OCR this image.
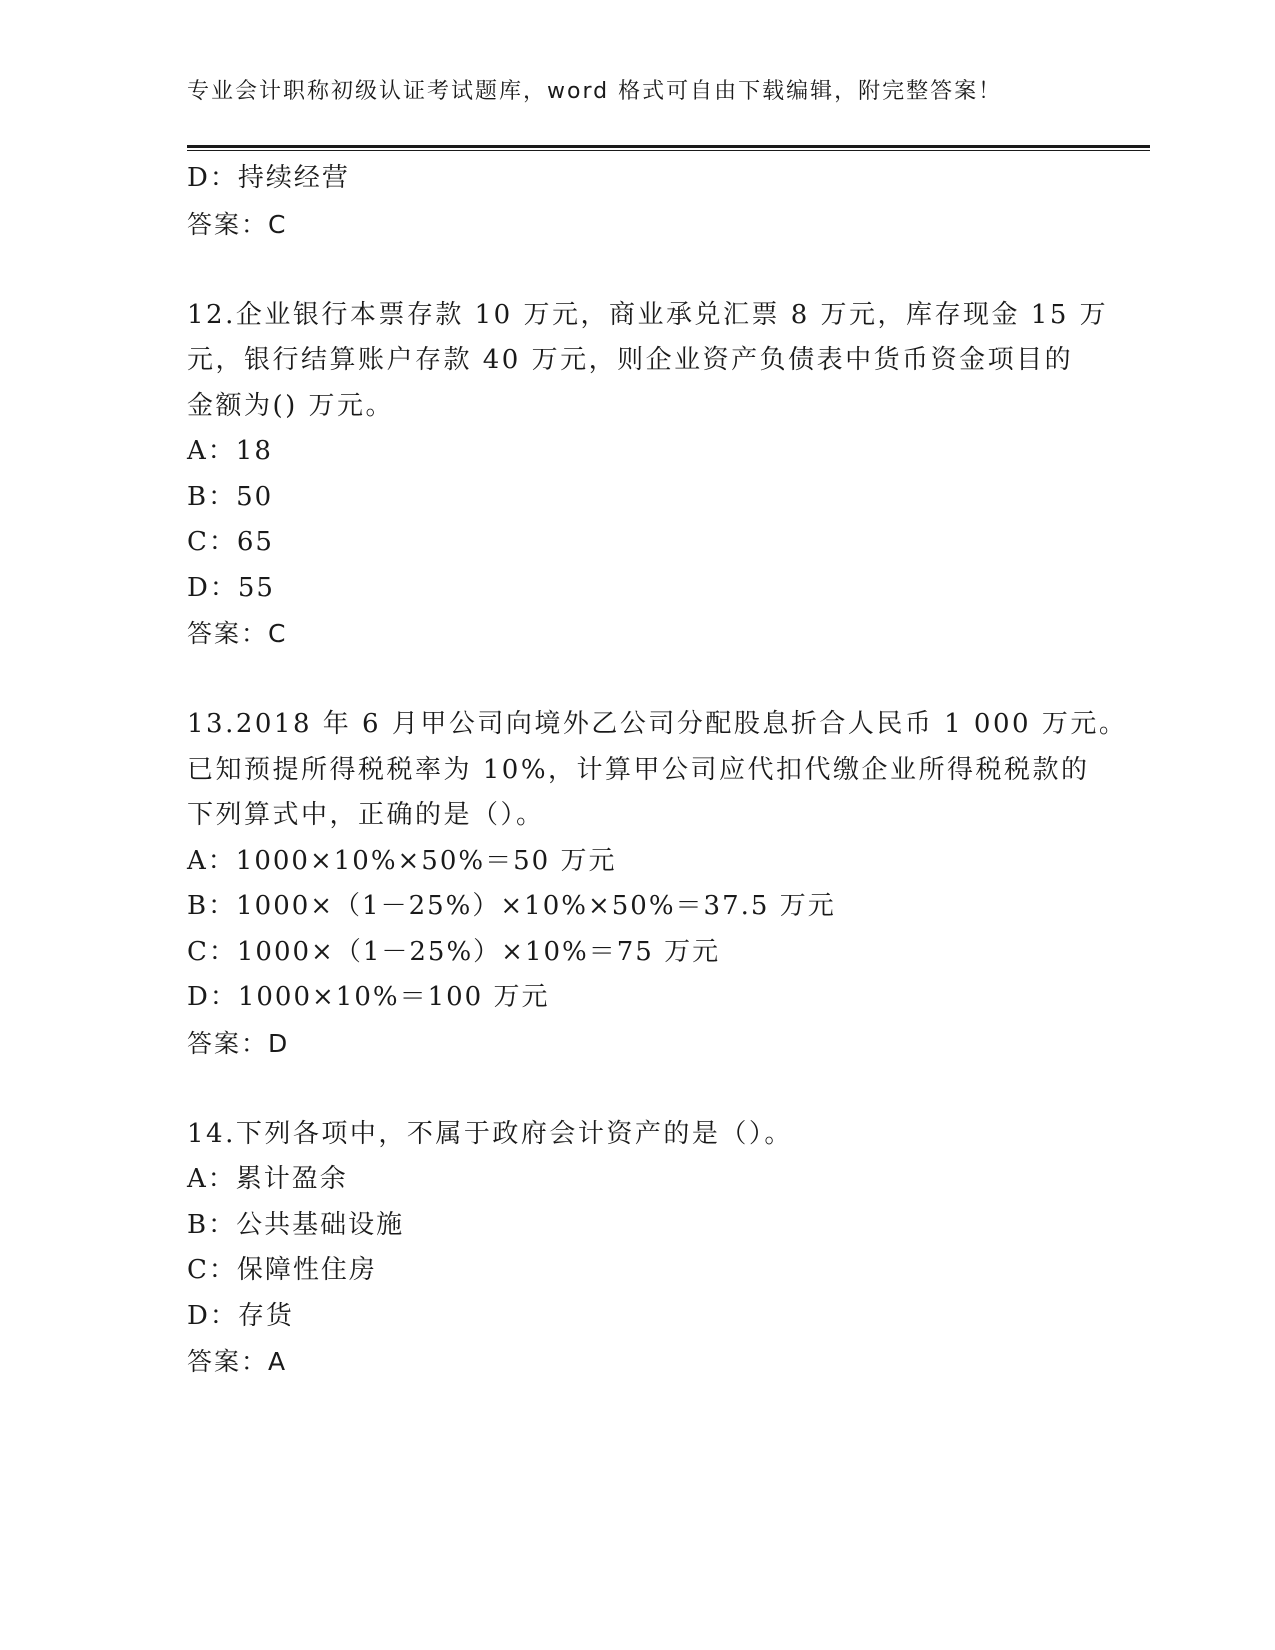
专业会计职称初级认证考试题库，word 格式可自由下载编辑，附完整答案！
D：持续经营
答案：C
12.企业银行本票存款 10 万元，商业承兑汇票 8 万元，库存现金 15 万
元，银行结算账户存款 40 万元，则企业资产负债表中货币资金项目的
金额为() 万元。
A：18
B：50
C：65
D：55
答案：C
13.2018 年 6 月甲公司向境外乙公司分配股息折合人民币 1 000 万元。
已知预提所得税税率为 10%，计算甲公司应代扣代缴企业所得税税款的
下列算式中，正确的是（）。
A：1000×10%×50%＝50 万元
B：1000×（1－25%）×10%×50%＝37.5 万元
C：1000×（1－25%）×10%＝75 万元
D：1000×10%＝100 万元
答案：D
14.下列各项中，不属于政府会计资产的是（）。
A：累计盈余
B：公共基础设施
C：保障性住房
D：存货
答案：A
